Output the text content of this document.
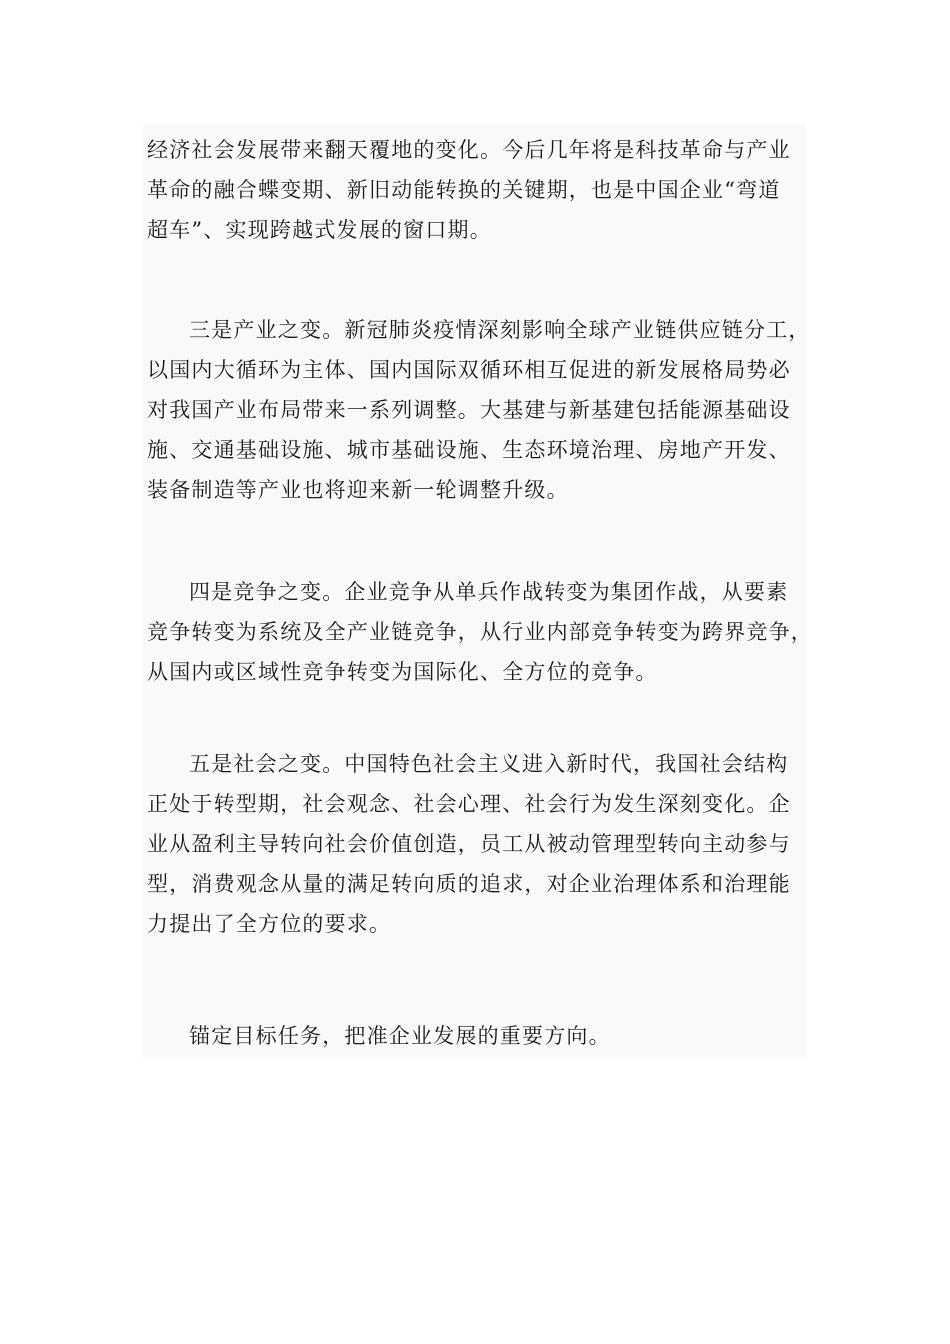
经济社会发展带来翻天覆地的变化。今后几年将是科技革命与产业
革命的融合蝶变期、新旧动能转换的关键期，也是中国企业“弯道
超车”、实现跨越式发展的窗口期。

三是产业之变。新冠肺炎疫情深刻影响全球产业链供应链分工，
以国内大循环为主体、国内国际双循环相互促进的新发展格局势必
对我国产业布局带来一系列调整。大基建与新基建包括能源基础设
施、交通基础设施、城市基础设施、生态环境治理、房地产开发、
装备制造等产业也将迎来新一轮调整升级。

四是竞争之变。企业竞争从单兵作战转变为集团作战，从要素
竞争转变为系统及全产业链竞争，从行业内部竞争转变为跨界竞争，
从国内或区域性竞争转变为国际化、全方位的竞争。

五是社会之变。中国特色社会主义进入新时代，我国社会结构
正处于转型期，社会观念、社会心理、社会行为发生深刻变化。企
业从盈利主导转向社会价值创造，员工从被动管理型转向主动参与
型，消费观念从量的满足转向质的追求，对企业治理体系和治理能
力提出了全方位的要求。

锚定目标任务，把准企业发展的重要方向。
